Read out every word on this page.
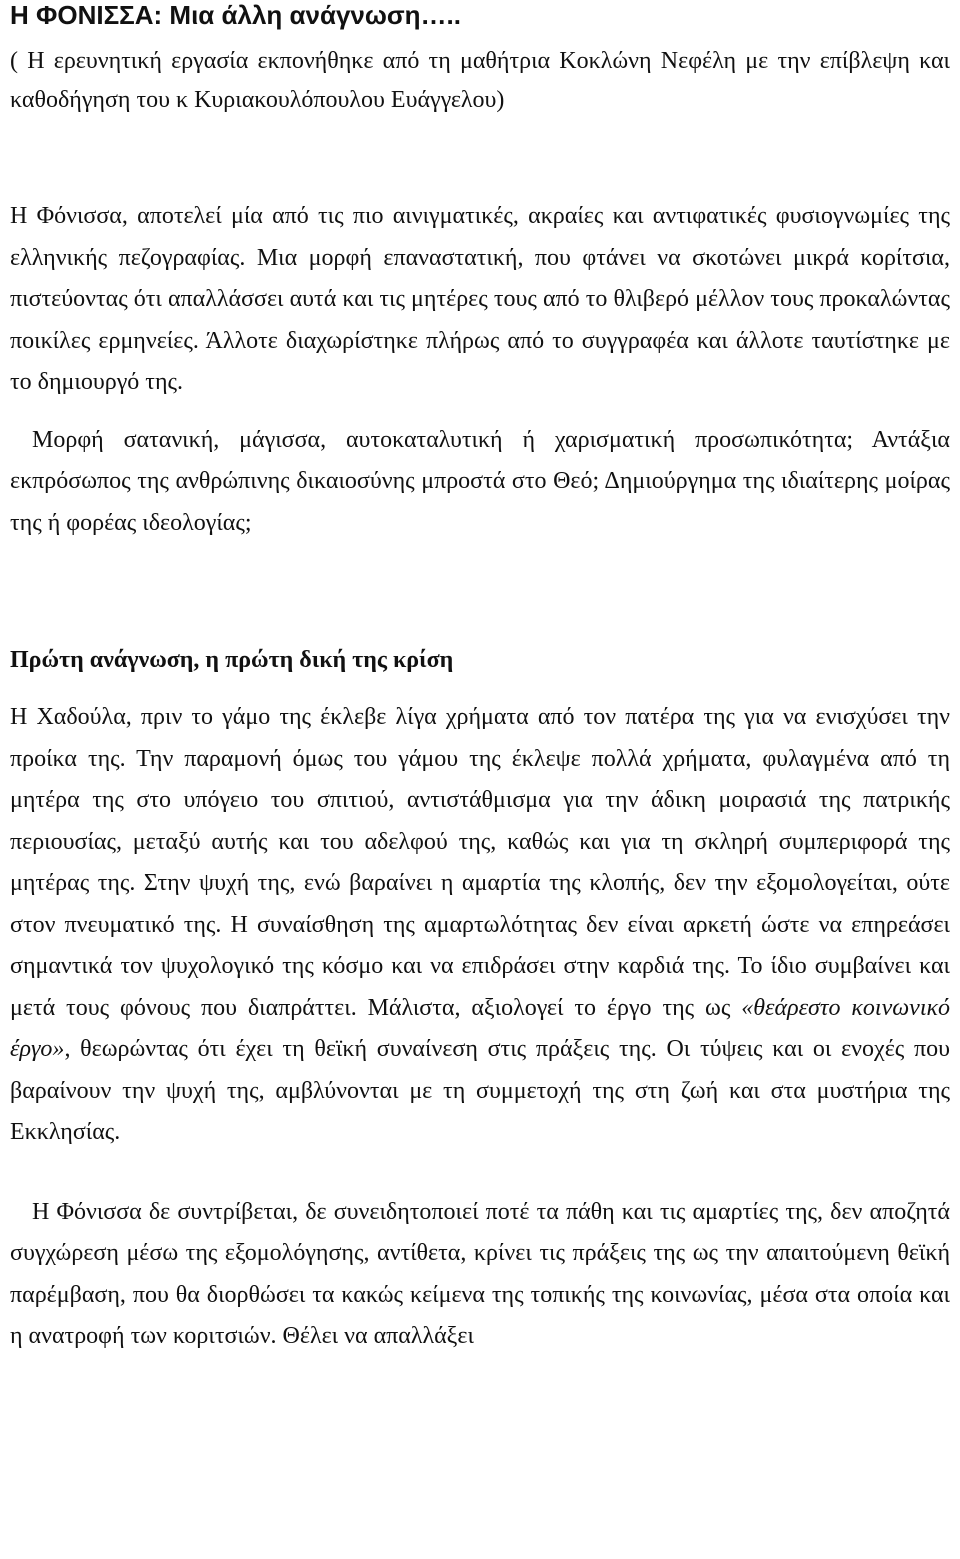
Η ΦΟΝΙΣΣΑ: Μια άλλη ανάγνωση…..

( Η ερευνητική εργασία εκπονήθηκε από τη μαθήτρια Κοκλώνη Νεφέλη με την επίβλεψη και καθοδήγηση του κ Κυριακουλόπουλου Ευάγγελου)

Η Φόνισσα, αποτελεί μία από τις πιο αινιγματικές, ακραίες και αντιφατικές φυσιογνωμίες της ελληνικής πεζογραφίας. Μια μορφή επαναστατική, που φτάνει να σκοτώνει μικρά κορίτσια, πιστεύοντας ότι απαλλάσσει αυτά και τις μητέρες τους από το θλιβερό μέλλον τους προκαλώντας ποικίλες ερμηνείες. Άλλοτε διαχωρίστηκε πλήρως από το συγγραφέα και άλλοτε ταυτίστηκε με το δημιουργό της.

Μορφή σατανική, μάγισσα, αυτοκαταλυτική ή χαρισματική προσωπικότητα; Αντάξια εκπρόσωπος της ανθρώπινης δικαιοσύνης μπροστά στο Θεό; Δημιούργημα της ιδιαίτερης μοίρας της ή φορέας ιδεολογίας;

Πρώτη ανάγνωση, η πρώτη δική της κρίση

Η Χαδούλα, πριν το γάμο της έκλεβε λίγα χρήματα από τον πατέρα της για να ενισχύσει την προίκα της. Την παραμονή όμως του γάμου της έκλεψε πολλά χρήματα, φυλαγμένα από τη μητέρα της στο υπόγειο του σπιτιού, αντιστάθμισμα για την άδικη μοιρασιά της πατρικής περιουσίας, μεταξύ αυτής και του αδελφού της, καθώς και για τη σκληρή συμπεριφορά της μητέρας της. Στην ψυχή της, ενώ βαραίνει η αμαρτία της κλοπής, δεν την εξομολογείται, ούτε στον πνευματικό της. Η συναίσθηση της αμαρτωλότητας δεν είναι αρκετή ώστε να επηρεάσει σημαντικά τον ψυχολογικό της κόσμο και να επιδράσει στην καρδιά της. Το ίδιο συμβαίνει και μετά τους φόνους που διαπράττει. Μάλιστα, αξιολογεί το έργο της ως «θεάρεστο κοινωνικό έργο», θεωρώντας ότι έχει τη θεϊκή συναίνεση στις πράξεις της. Οι τύψεις και οι ενοχές που βαραίνουν την ψυχή της, αμβλύνονται με τη συμμετοχή της στη ζωή και στα μυστήρια της Εκκλησίας.

Η Φόνισσα δε συντρίβεται, δε συνειδητοποιεί ποτέ τα πάθη και τις αμαρτίες της, δεν αποζητά συγχώρεση μέσω της εξομολόγησης, αντίθετα, κρίνει τις πράξεις της ως την απαιτούμενη θεϊκή παρέμβαση, που θα διορθώσει τα κακώς κείμενα της τοπικής της κοινωνίας, μέσα στα οποία και η ανατροφή των κοριτσιών. Θέλει να απαλλάξει
